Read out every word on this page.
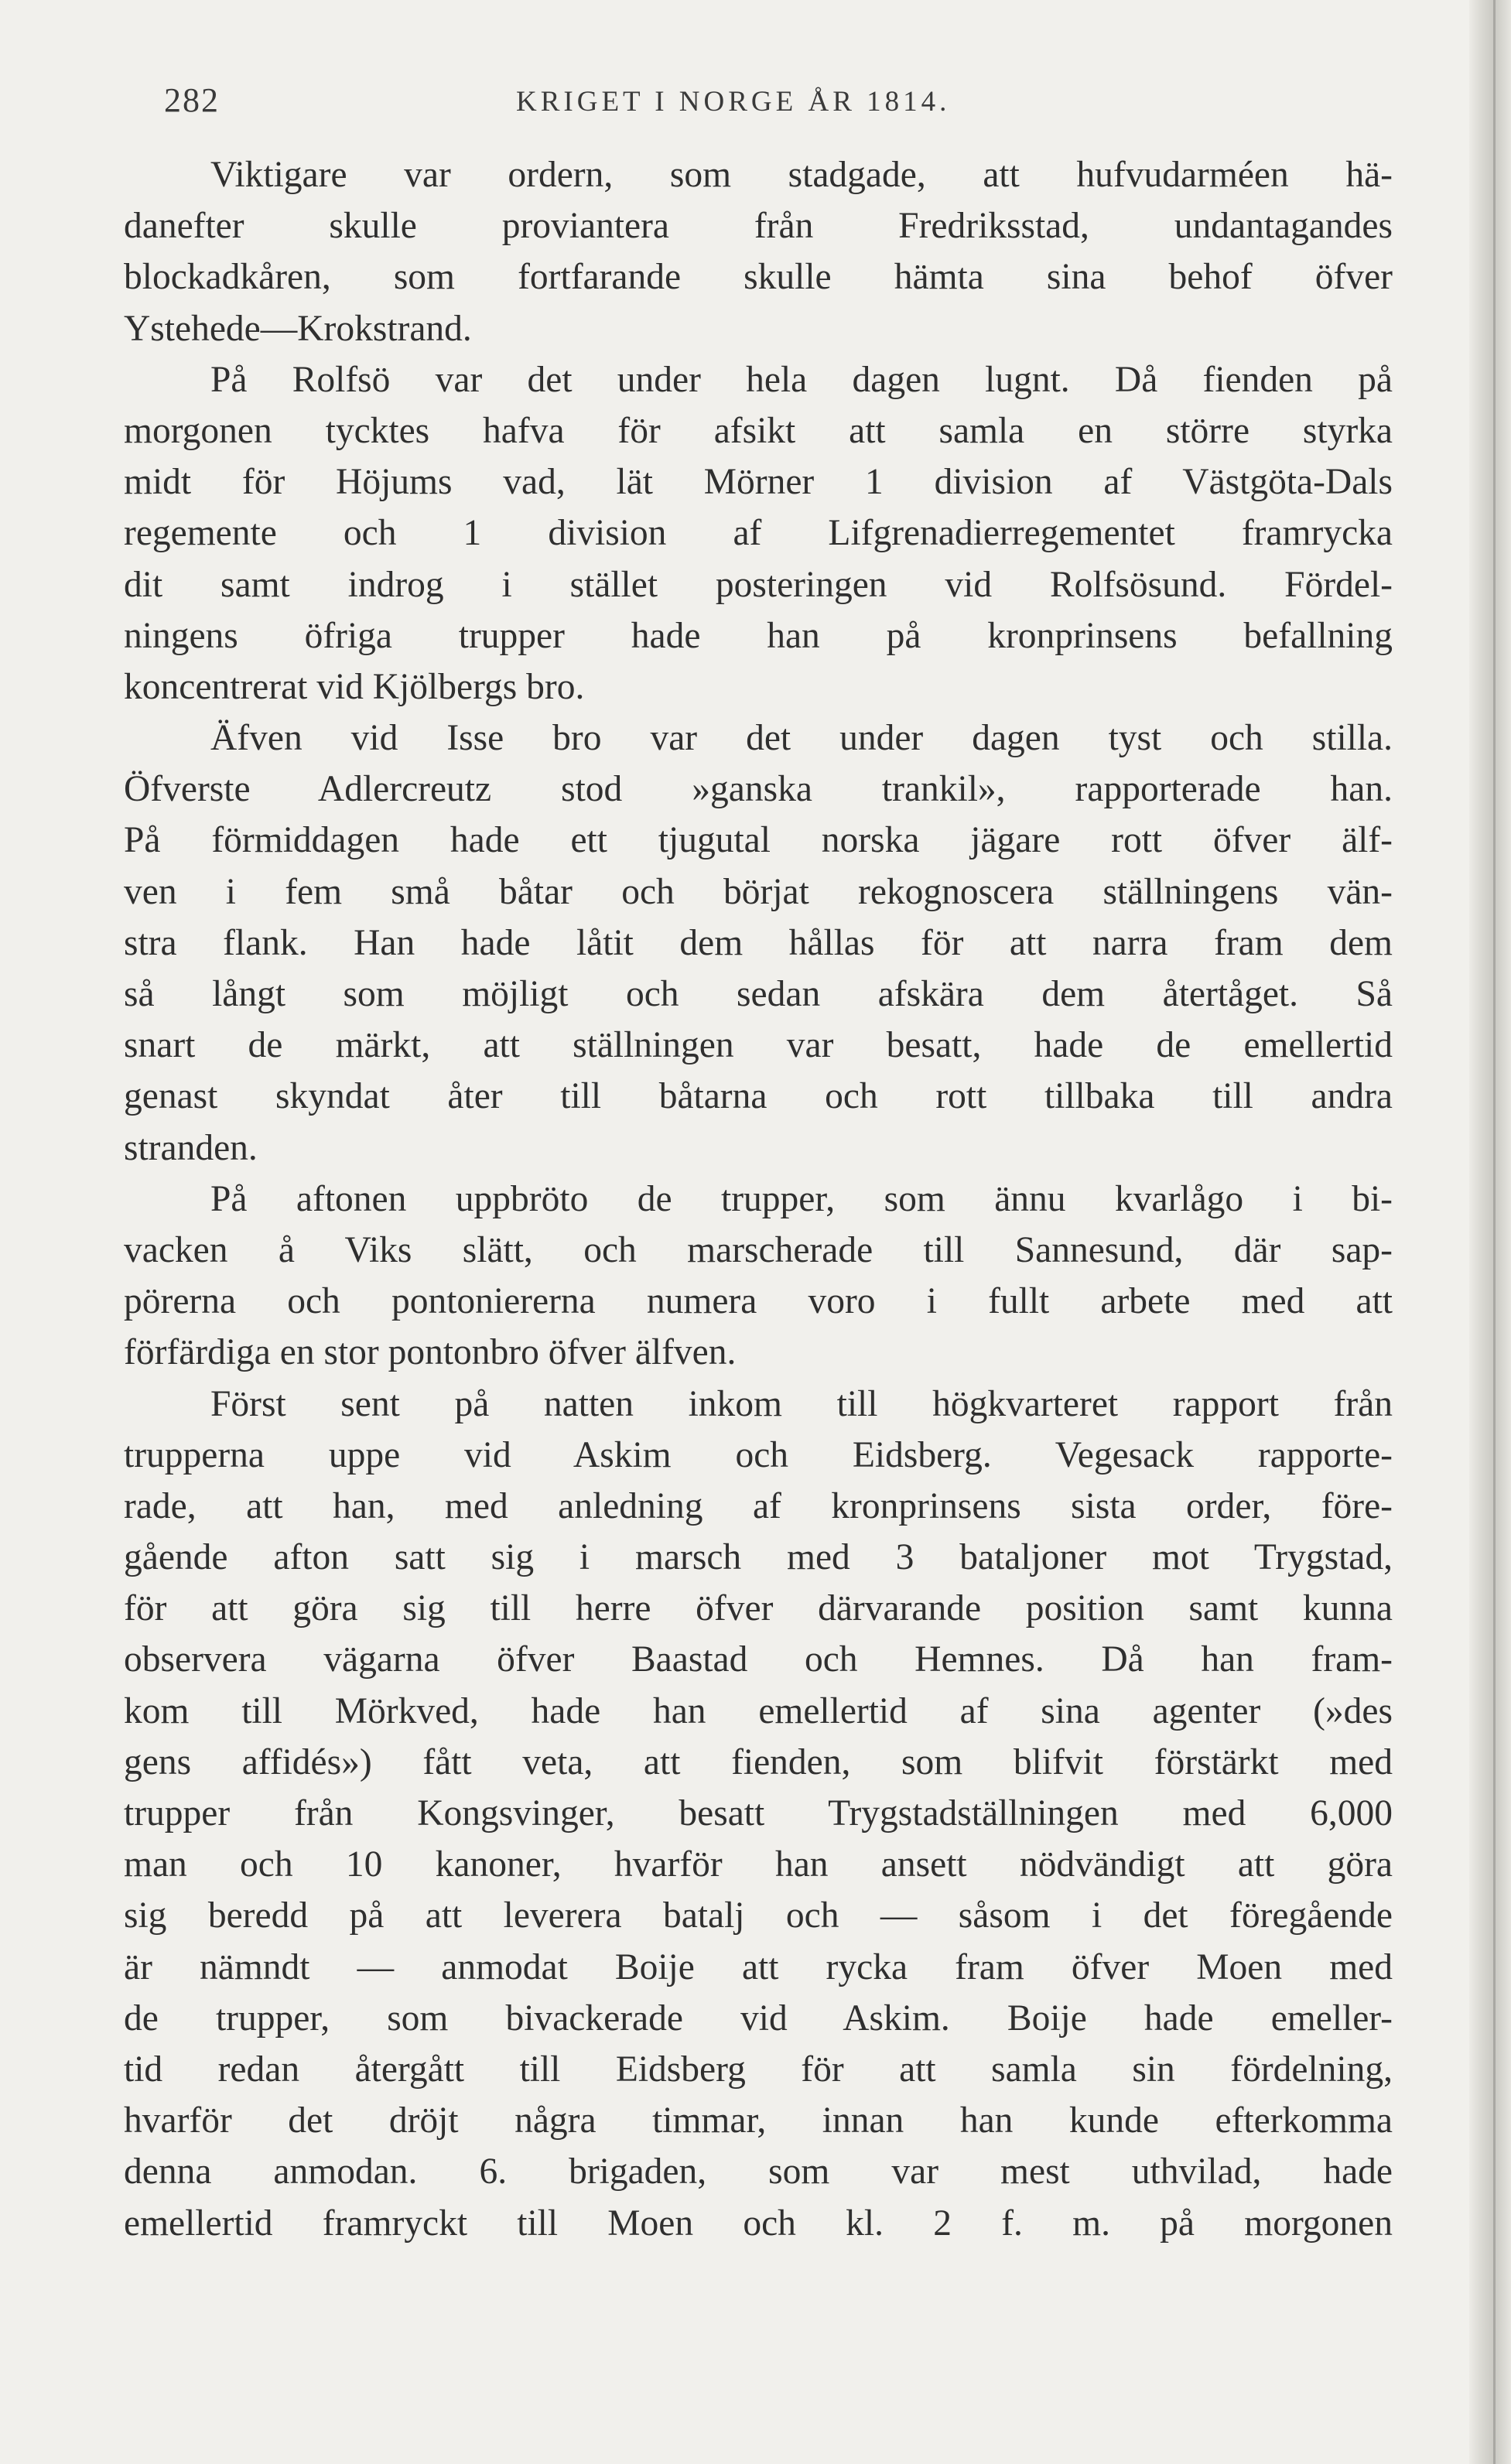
282	KRIGET I NORGE ÅR 1814.
Viktigare var ordern, som stadgade, att hufvudarméen hä-
danefter skulle proviantera från Fredriksstad, undantagandes
blockadkåren, som fortfarande skulle hämta sina behof öfver
Ystehede—Krokstrand.
På Rolfsö var det under hela dagen lugnt. Då fienden på
morgonen tycktes hafva för afsikt att samla en större styrka
midt för Höjums vad, lät Mörner 1 division af Västgöta-Dals
regemente och 1 division af Lifgrenadierregementet framrycka
dit samt indrog i stället posteringen vid Rolfsösund. Fördel-
ningens öfriga trupper hade han på kronprinsens befallning
koncentrerat vid Kjölbergs bro.
Äfven vid Isse bro var det under dagen tyst och stilla.
Öfverste Adlercreutz stod »ganska trankil», rapporterade han.
På förmiddagen hade ett tjugutal norska jägare rott öfver älf-
ven i fem små båtar och börjat rekognoscera ställningens vän-
stra flank. Han hade låtit dem hållas för att narra fram dem
så långt som möjligt och sedan afskära dem återtåget. Så
snart de märkt, att ställningen var besatt, hade de emellertid
genast skyndat åter till båtarna och rott tillbaka till andra
stranden.
På aftonen uppbröto de trupper, som ännu kvarlågo i bi-
vacken å Viks slätt, och marscherade till Sannesund, där sap-
pörerna och pontoniererna numera voro i fullt arbete med att
förfärdiga en stor pontonbro öfver älfven.
Först sent på natten inkom till högkvarteret rapport från
trupperna uppe vid Askim och Eidsberg. Vegesack rapporte-
rade, att han, med anledning af kronprinsens sista order, före-
gående afton satt sig i marsch med 3 bataljoner mot Trygstad,
för att göra sig till herre öfver därvarande position samt kunna
observera vägarna öfver Baastad och Hemnes. Då han fram-
kom till Mörkved, hade han emellertid af sina agenter (»des
gens affidés») fått veta, att fienden, som blifvit förstärkt med
trupper från Kongsvinger, besatt Trygstadställningen med 6,000
man och 10 kanoner, hvarför han ansett nödvändigt att göra
sig beredd på att leverera batalj och — såsom i det föregående
är nämndt — anmodat Boije att rycka fram öfver Moen med
de trupper, som bivackerade vid Askim. Boije hade emeller-
tid redan återgått till Eidsberg för att samla sin fördelning,
hvarför det dröjt några timmar, innan han kunde efterkomma
denna anmodan. 6. brigaden, som var mest uthvilad, hade
emellertid framryckt till Moen och kl. 2 f. m. på morgonen
